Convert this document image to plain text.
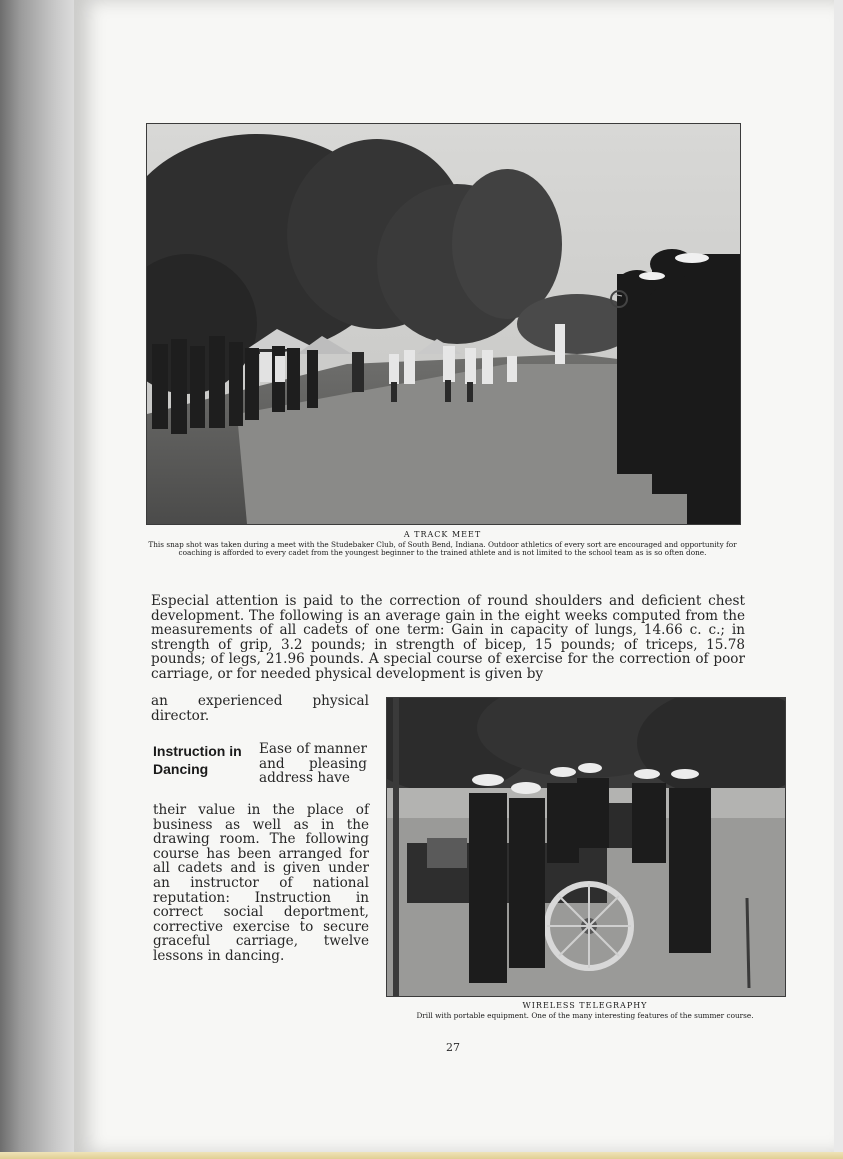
A TRACK MEET
This snap shot was taken during a meet with the Studebaker Club, of South Bend, Indiana. Outdoor athletics of every sort are encouraged and opportunity for coaching is afforded to every cadet from the youngest beginner to the trained athlete and is not limited to the school team as is so often done.
Especial attention is paid to the correction of round shoulders and deficient chest development. The following is an average gain in the eight weeks computed from the measurements of all cadets of one term: Gain in capacity of lungs, 14.66 c. c.; in strength of grip, 3.2 pounds; in strength of bicep, 15 pounds; of triceps, 15.78 pounds; of legs, 21.96 pounds. A special course of exercise for the correction of poor carriage, or for needed physical development is given by
an experienced physical director.
Instruction in Dancing
Ease of manner and pleasing address have
their value in the place of business as well as in the drawing room. The following course has been arranged for all cadets and is given under an instructor of national reputation: Instruction in correct social deportment, corrective exercise to secure graceful carriage, twelve lessons in dancing.
WIRELESS TELEGRAPHY
Drill with portable equipment. One of the many interesting features of the summer course.
27
